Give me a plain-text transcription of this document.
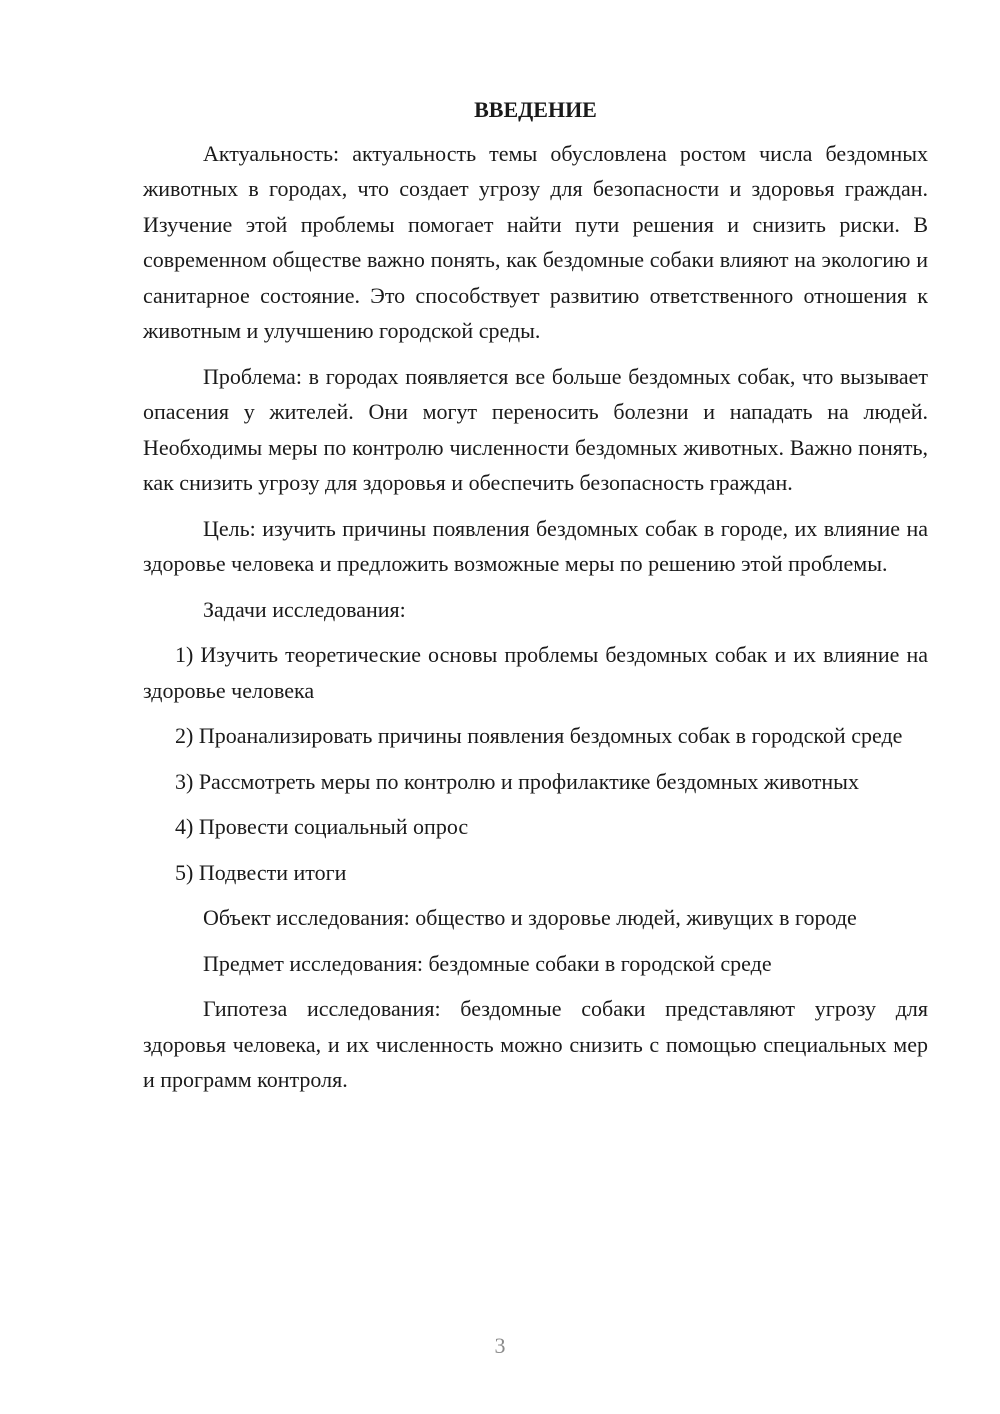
ВВЕДЕНИЕ

Актуальность: актуальность темы обусловлена ростом числа бездомных животных в городах, что создает угрозу для безопасности и здоровья граждан. Изучение этой проблемы помогает найти пути решения и снизить риски. В современном обществе важно понять, как бездомные собаки влияют на экологию и санитарное состояние. Это способствует развитию ответственного отношения к животным и улучшению городской среды.

Проблема: в городах появляется все больше бездомных собак, что вызывает опасения у жителей. Они могут переносить болезни и нападать на людей. Необходимы меры по контролю численности бездомных животных. Важно понять, как снизить угрозу для здоровья и обеспечить безопасность граждан.

Цель: изучить причины появления бездомных собак в городе, их влияние на здоровье человека и предложить возможные меры по решению этой проблемы.

Задачи исследования:

1) Изучить теоретические основы проблемы бездомных собак и их влияние на здоровье человека

2) Проанализировать причины появления бездомных собак в городской среде

3) Рассмотреть меры по контролю и профилактике бездомных животных

4) Провести социальный опрос

5) Подвести итоги

Объект исследования: общество и здоровье людей, живущих в городе

Предмет исследования: бездомные собаки в городской среде

Гипотеза исследования: бездомные собаки представляют угрозу для здоровья человека, и их численность можно снизить с помощью специальных мер и программ контроля.

3
